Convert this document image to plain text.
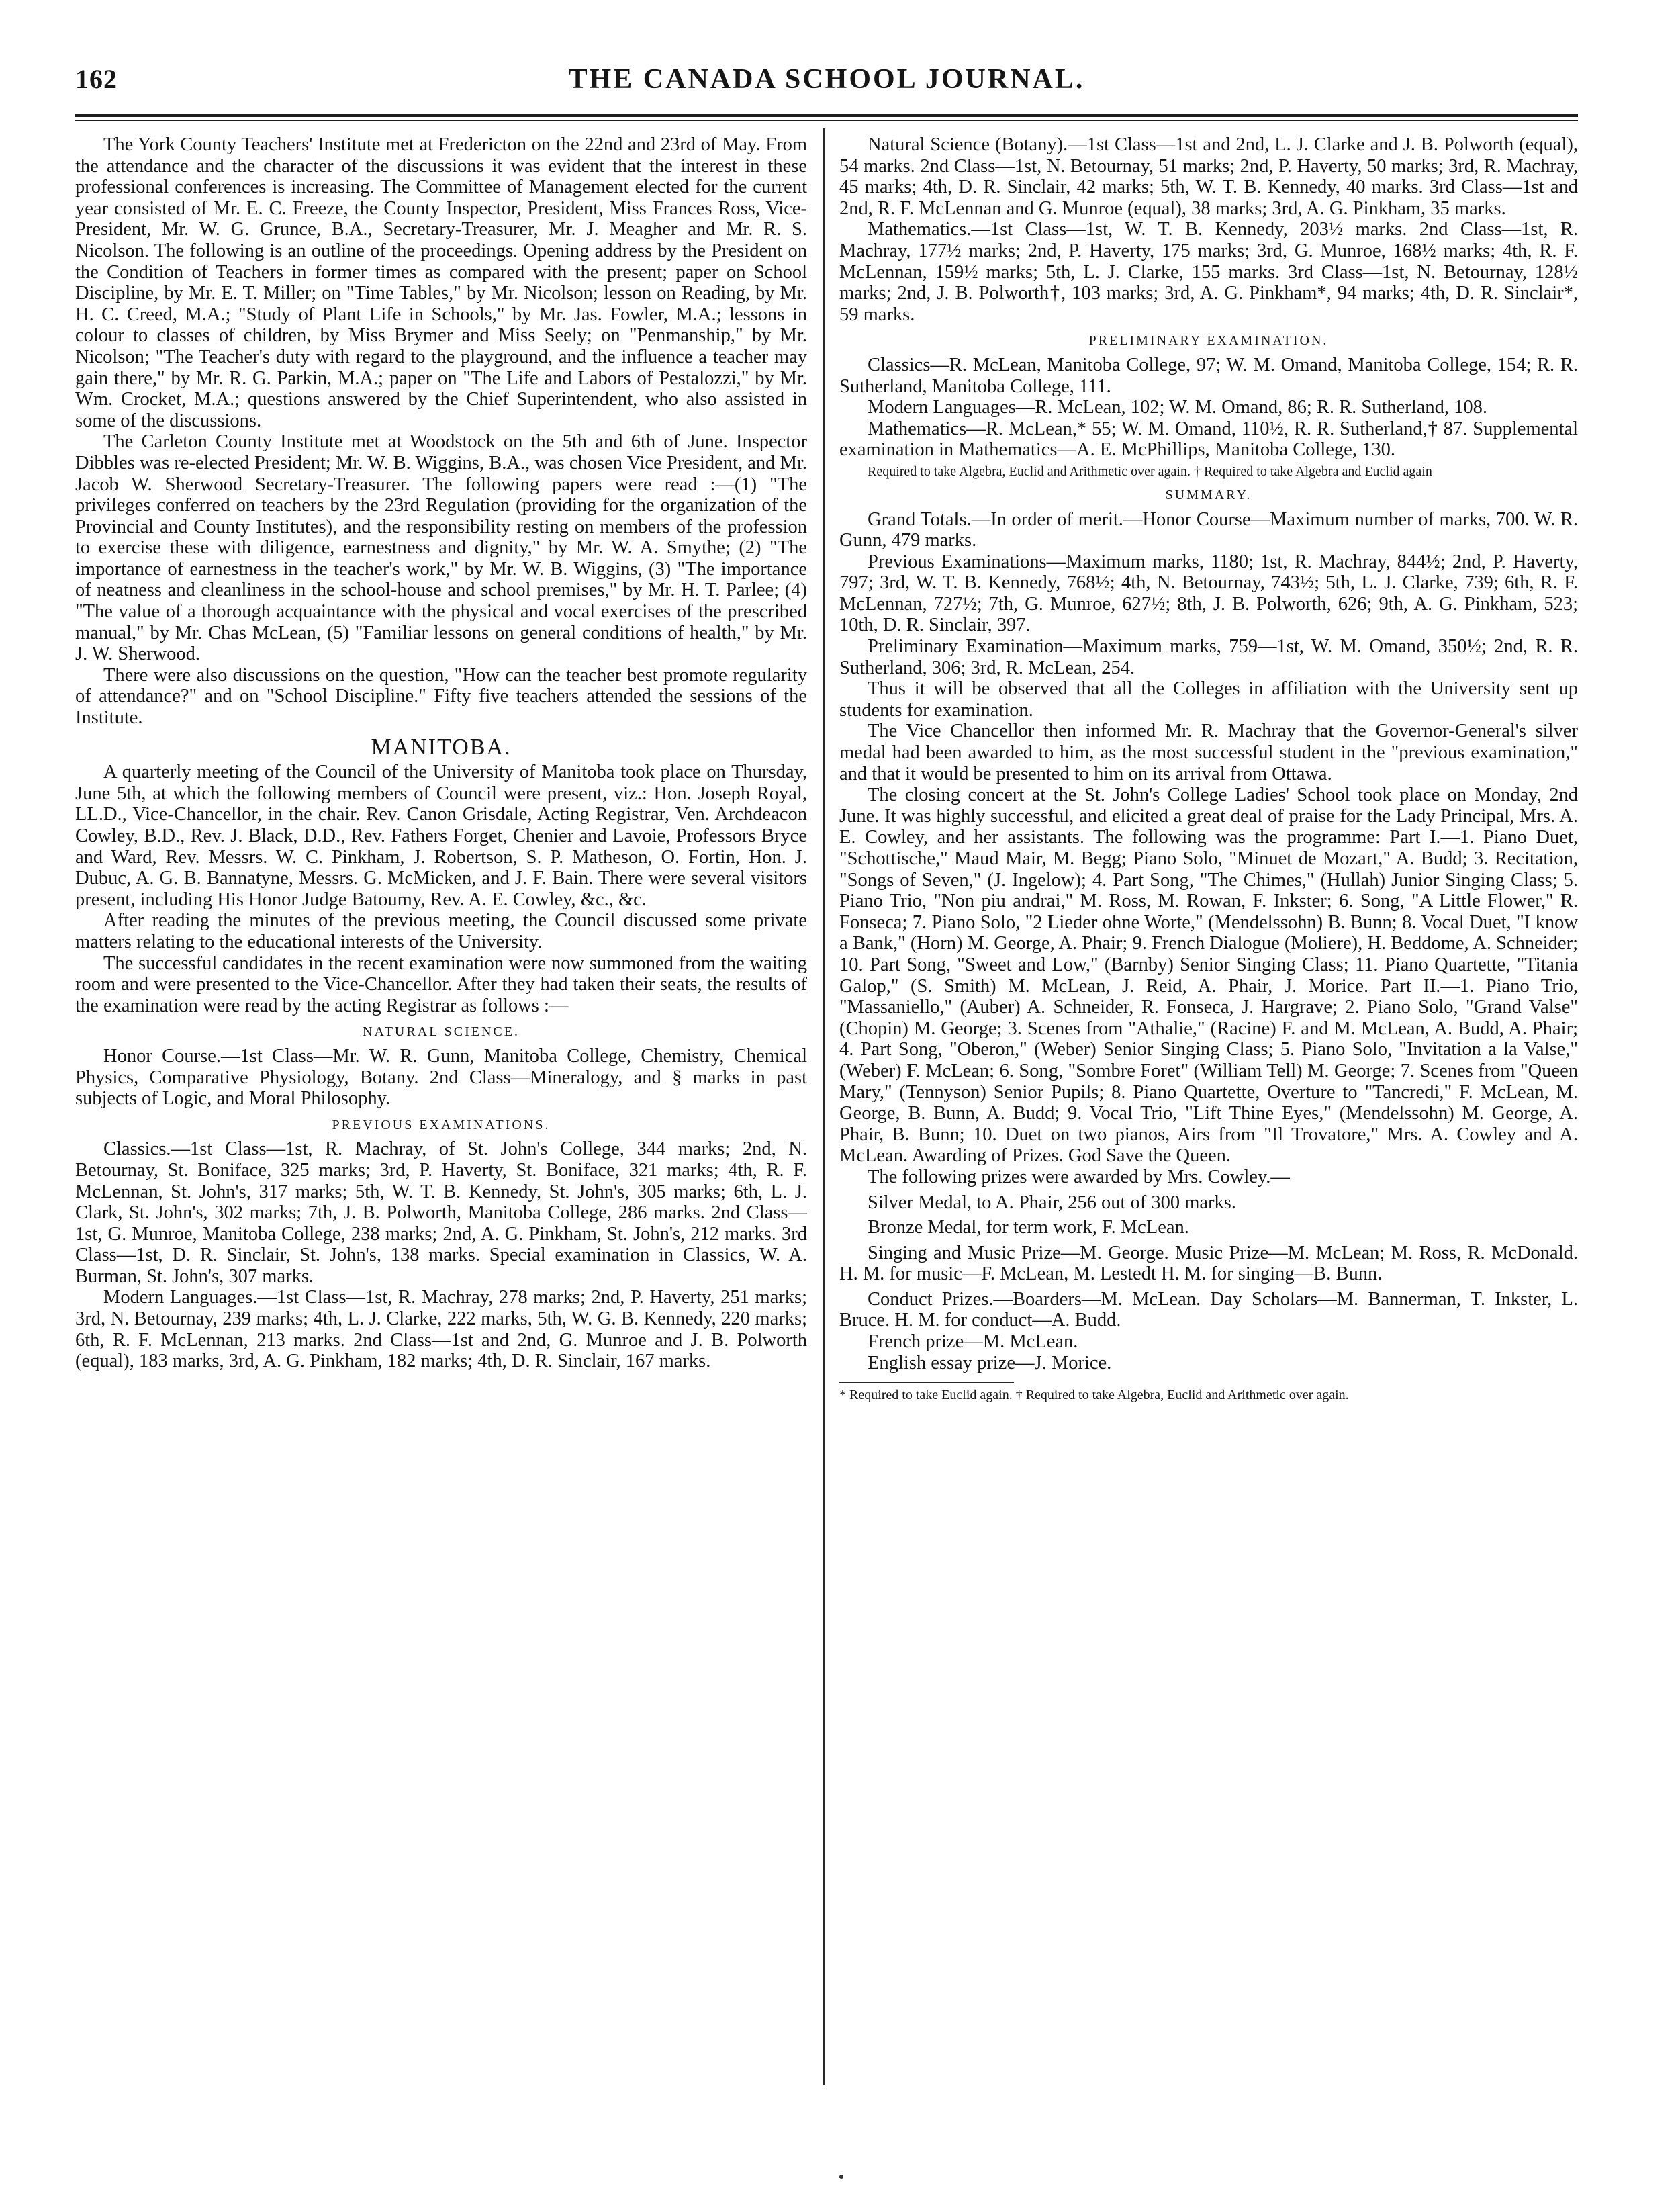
162	THE CANADA SCHOOL JOURNAL.

The York County Teachers' Institute met at Fredericton on the 22nd and 23rd of May. From the attendance and the character of the discussions it was evident that the interest in these professional conferences is increasing. The Committee of Management elected for the current year consisted of Mr. E. C. Freeze, the County Inspector, President, Miss Frances Ross, Vice-President, Mr. W. G. Grunce, B.A., Secretary-Treasurer, Mr. J. Meagher and Mr. R. S. Nicolson. The following is an outline of the proceedings. Opening address by the President on the Condition of Teachers in former times as compared with the present; paper on School Discipline, by Mr. E. T. Miller; on "Time Tables," by Mr. Nicolson; lesson on Reading, by Mr. H. C. Creed, M.A.; "Study of Plant Life in Schools," by Mr. Jas. Fowler, M.A.; lessons in colour to classes of children, by Miss Brymer and Miss Seely; on "Penmanship," by Mr. Nicolson; "The Teacher's duty with regard to the playground, and the influence a teacher may gain there," by Mr. R. G. Parkin, M.A.; paper on "The Life and Labors of Pestalozzi," by Mr. Wm. Crocket, M.A.; questions answered by the Chief Superintendent, who also assisted in some of the discussions.

The Carleton County Institute met at Woodstock on the 5th and 6th of June. Inspector Dibbles was re-elected President; Mr. W. B. Wiggins, B.A., was chosen Vice President, and Mr. Jacob W. Sherwood Secretary-Treasurer. The following papers were read :—(1) "The privileges conferred on teachers by the 23rd Regulation (providing for the organization of the Provincial and County Institutes), and the responsibility resting on members of the profession to exercise these with diligence, earnestness and dignity," by Mr. W. A. Smythe; (2) "The importance of earnestness in the teacher's work," by Mr. W. B. Wiggins, (3) "The importance of neatness and cleanliness in the school-house and school premises," by Mr. H. T. Parlee; (4) "The value of a thorough acquaintance with the physical and vocal exercises of the prescribed manual," by Mr. Chas McLean, (5) "Familiar lessons on general conditions of health," by Mr. J. W. Sherwood.

There were also discussions on the question, "How can the teacher best promote regularity of attendance?" and on "School Discipline." Fifty five teachers attended the sessions of the Institute.

MANITOBA.

A quarterly meeting of the Council of the University of Manitoba took place on Thursday, June 5th, at which the following members of Council were present, viz.: Hon. Joseph Royal, LL.D., Vice-Chancellor, in the chair. Rev. Canon Grisdale, Acting Registrar, Ven. Archdeacon Cowley, B.D., Rev. J. Black, D.D., Rev. Fathers Forget, Chenier and Lavoie, Professors Bryce and Ward, Rev. Messrs. W. C. Pinkham, J. Robertson, S. P. Matheson, O. Fortin, Hon. J. Dubuc, A. G. B. Bannatyne, Messrs. G. McMicken, and J. F. Bain. There were several visitors present, including His Honor Judge Batoumy, Rev. A. E. Cowley, &c., &c.

After reading the minutes of the previous meeting, the Council discussed some private matters relating to the educational interests of the University.

The successful candidates in the recent examination were now summoned from the waiting room and were presented to the Vice-Chancellor. After they had taken their seats, the results of the examination were read by the acting Registrar as follows :—

NATURAL SCIENCE.

Honor Course.—1st Class—Mr. W. R. Gunn, Manitoba College, Chemistry, Chemical Physics, Comparative Physiology, Botany. 2nd Class—Mineralogy, and § marks in past subjects of Logic, and Moral Philosophy.

PREVIOUS EXAMINATIONS.

Classics.—1st Class—1st, R. Machray, of St. John's College, 344 marks; 2nd, N. Betournay, St. Boniface, 325 marks; 3rd, P. Haverty, St. Boniface, 321 marks; 4th, R. F. McLennan, St. John's, 317 marks; 5th, W. T. B. Kennedy, St. John's, 305 marks; 6th, L. J. Clark, St. John's, 302 marks; 7th, J. B. Polworth, Manitoba College, 286 marks. 2nd Class—1st, G. Munroe, Manitoba College, 238 marks; 2nd, A. G. Pinkham, St. John's, 212 marks. 3rd Class—1st, D. R. Sinclair, St. John's, 138 marks. Special examination in Classics, W. A. Burman, St. John's, 307 marks.

Modern Languages.—1st Class—1st, R. Machray, 278 marks; 2nd, P. Haverty, 251 marks; 3rd, N. Betournay, 239 marks; 4th, L. J. Clarke, 222 marks, 5th, W. G. B. Kennedy, 220 marks; 6th, R. F. McLennan, 213 marks. 2nd Class—1st and 2nd, G. Munroe and J. B. Polworth (equal), 183 marks, 3rd, A. G. Pinkham, 182 marks; 4th, D. R. Sinclair, 167 marks.

Natural Science (Botany).—1st Class—1st and 2nd, L. J. Clarke and J. B. Polworth (equal), 54 marks. 2nd Class—1st, N. Betournay, 51 marks; 2nd, P. Haverty, 50 marks; 3rd, R. Machray, 45 marks; 4th, D. R. Sinclair, 42 marks; 5th, W. T. B. Kennedy, 40 marks. 3rd Class—1st and 2nd, R. F. McLennan and G. Munroe (equal), 38 marks; 3rd, A. G. Pinkham, 35 marks.

Mathematics.—1st Class—1st, W. T. B. Kennedy, 203½ marks. 2nd Class—1st, R. Machray, 177½ marks; 2nd, P. Haverty, 175 marks; 3rd, G. Munroe, 168½ marks; 4th, R. F. McLennan, 159½ marks; 5th, L. J. Clarke, 155 marks. 3rd Class—1st, N. Betournay, 128½ marks; 2nd, J. B. Polworth†, 103 marks; 3rd, A. G. Pinkham*, 94 marks; 4th, D. R. Sinclair*, 59 marks.

PRELIMINARY EXAMINATION.

Classics—R. McLean, Manitoba College, 97; W. M. Omand, Manitoba College, 154; R. R. Sutherland, Manitoba College, 111.

Modern Languages—R. McLean, 102; W. M. Omand, 86; R. R. Sutherland, 108.

Mathematics—R. McLean,* 55; W. M. Omand, 110½, R. R. Sutherland,† 87. Supplemental examination in Mathematics—A. E. McPhillips, Manitoba College, 130.

Required to take Algebra, Euclid and Arithmetic over again. † Required to take Algebra and Euclid again

SUMMARY.

Grand Totals.—In order of merit.—Honor Course—Maximum number of marks, 700. W. R. Gunn, 479 marks.

Previous Examinations—Maximum marks, 1180; 1st, R. Machray, 844½; 2nd, P. Haverty, 797; 3rd, W. T. B. Kennedy, 768½; 4th, N. Betournay, 743½; 5th, L. J. Clarke, 739; 6th, R. F. McLennan, 727½; 7th, G. Munroe, 627½; 8th, J. B. Polworth, 626; 9th, A. G. Pinkham, 523; 10th, D. R. Sinclair, 397.

Preliminary Examination—Maximum marks, 759—1st, W. M. Omand, 350½; 2nd, R. R. Sutherland, 306; 3rd, R. McLean, 254.

Thus it will be observed that all the Colleges in affiliation with the University sent up students for examination.

The Vice Chancellor then informed Mr. R. Machray that the Governor-General's silver medal had been awarded to him, as the most successful student in the "previous examination," and that it would be presented to him on its arrival from Ottawa.

The closing concert at the St. John's College Ladies' School took place on Monday, 2nd June. It was highly successful, and elicited a great deal of praise for the Lady Principal, Mrs. A. E. Cowley, and her assistants. The following was the programme: Part I.—1. Piano Duet, "Schottische," Maud Mair, M. Begg; Piano Solo, "Minuet de Mozart," A. Budd; 3. Recitation, "Songs of Seven," (J. Ingelow); 4. Part Song, "The Chimes," (Hullah) Junior Singing Class; 5. Piano Trio, "Non piu andrai," M. Ross, M. Rowan, F. Inkster; 6. Song, "A Little Flower," R. Fonseca; 7. Piano Solo, "2 Lieder ohne Worte," (Mendelssohn) B. Bunn; 8. Vocal Duet, "I know a Bank," (Horn) M. George, A. Phair; 9. French Dialogue (Moliere), H. Beddome, A. Schneider; 10. Part Song, "Sweet and Low," (Barnby) Senior Singing Class; 11. Piano Quartette, "Titania Galop," (S. Smith) M. McLean, J. Reid, A. Phair, J. Morice. Part II.—1. Piano Trio, "Massaniello," (Auber) A. Schneider, R. Fonseca, J. Hargrave; 2. Piano Solo, "Grand Valse" (Chopin) M. George; 3. Scenes from "Athalie," (Racine) F. and M. McLean, A. Budd, A. Phair; 4. Part Song, "Oberon," (Weber) Senior Singing Class; 5. Piano Solo, "Invitation a la Valse," (Weber) F. McLean; 6. Song, "Sombre Foret" (William Tell) M. George; 7. Scenes from "Queen Mary," (Tennyson) Senior Pupils; 8. Piano Quartette, Overture to "Tancredi," F. McLean, M. George, B. Bunn, A. Budd; 9. Vocal Trio, "Lift Thine Eyes," (Mendelssohn) M. George, A. Phair, B. Bunn; 10. Duet on two pianos, Airs from "Il Trovatore," Mrs. A. Cowley and A. McLean. Awarding of Prizes. God Save the Queen.

The following prizes were awarded by Mrs. Cowley.—

Silver Medal, to A. Phair, 256 out of 300 marks.

Bronze Medal, for term work, F. McLean.

Singing and Music Prize—M. George. Music Prize—M. McLean; M. Ross, R. McDonald. H. M. for music—F. McLean, M. Lestedt H. M. for singing—B. Bunn.

Conduct Prizes.—Boarders—M. McLean. Day Scholars—M. Bannerman, T. Inkster, L. Bruce. H. M. for conduct—A. Budd.

French prize—M. McLean.

English essay prize—J. Morice.

* Required to take Euclid again. † Required to take Algebra, Euclid and Arithmetic over again.
